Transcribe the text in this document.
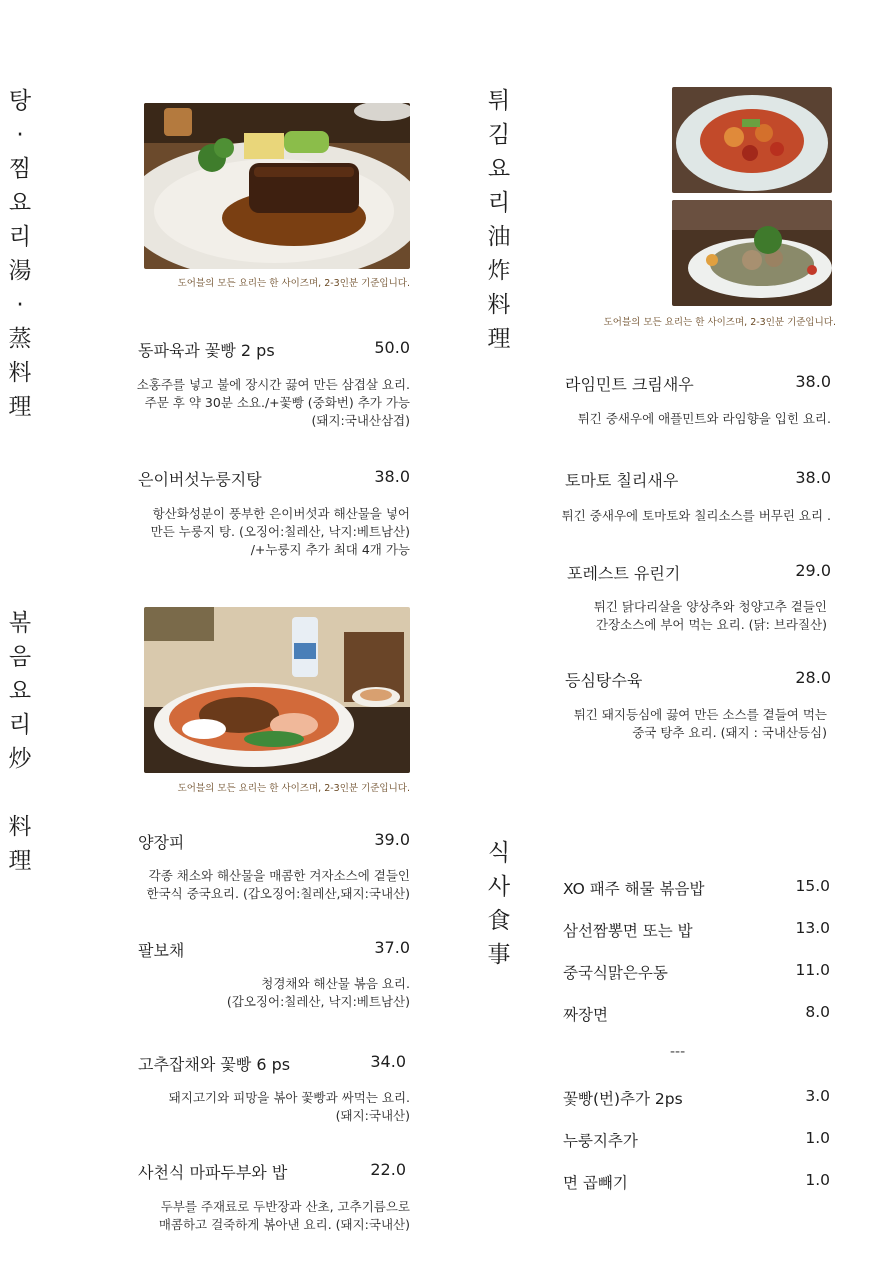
탕
·
찜
요
리
湯
·
蒸
料
理
볶
음
요
리
炒

料
理
튀
김
요
리
油
炸
料
理
식
사
食
事
도어블의 모든 요리는 한 사이즈며, 2-3인분 기준입니다.
동파육과 꽃빵 2 ps	50.0
소홍주를 넣고 불에 장시간 끓여 만든 삼겹살 요리.
주문 후 약 30분 소요./+꽃빵 (중화번) 추가 가능
(돼지:국내산삼겹)
은이버섯누룽지탕	38.0
항산화성분이 풍부한 은이버섯과 해산물을 넣어
만든 누룽지 탕. (오징어:칠레산, 낙지:베트남산)
/+누룽지 추가 최대 4개 가능
도어블의 모든 요리는 한 사이즈며, 2-3인분 기준입니다.
양장피	39.0
각종 채소와 해산물을 매콤한 겨자소스에 곁들인
한국식 중국요리. (갑오징어:칠레산,돼지:국내산)
팔보채	37.0
청경채와 해산물 볶음 요리.
(갑오징어:칠레산, 낙지:베트남산)
고추잡채와 꽃빵 6 ps	34.0
돼지고기와 피망을 볶아 꽃빵과 싸먹는 요리.
(돼지:국내산)
사천식 마파두부와 밥	22.0
두부를 주재료로 두반장과 산초, 고추기름으로
매콤하고 걸죽하게 볶아낸 요리. (돼지:국내산)
도어블의 모든 요리는 한 사이즈며, 2-3인분 기준입니다.
라임민트 크림새우	38.0
튀긴 중새우에 애플민트와 라임향을 입힌 요리.
토마토 칠리새우	38.0
튀긴 중새우에 토마토와 칠리소스를 버무린 요리 .
포레스트 유린기	29.0
튀긴 닭다리살을 양상추와 청양고추 곁들인
간장소스에 부어 먹는 요리. (닭: 브라질산)
등심탕수육	28.0
튀긴 돼지등심에 끓여 만든 소스를 곁들여 먹는
중국 탕추 요리. (돼지 : 국내산등심)
XO 패주 해물 볶음밥	15.0
삼선짬뽕면 또는 밥	13.0
중국식맑은우동	11.0
짜장면	8.0
---
꽃빵(번)추가 2ps	3.0
누룽지추가	1.0
면 곱빼기	1.0
